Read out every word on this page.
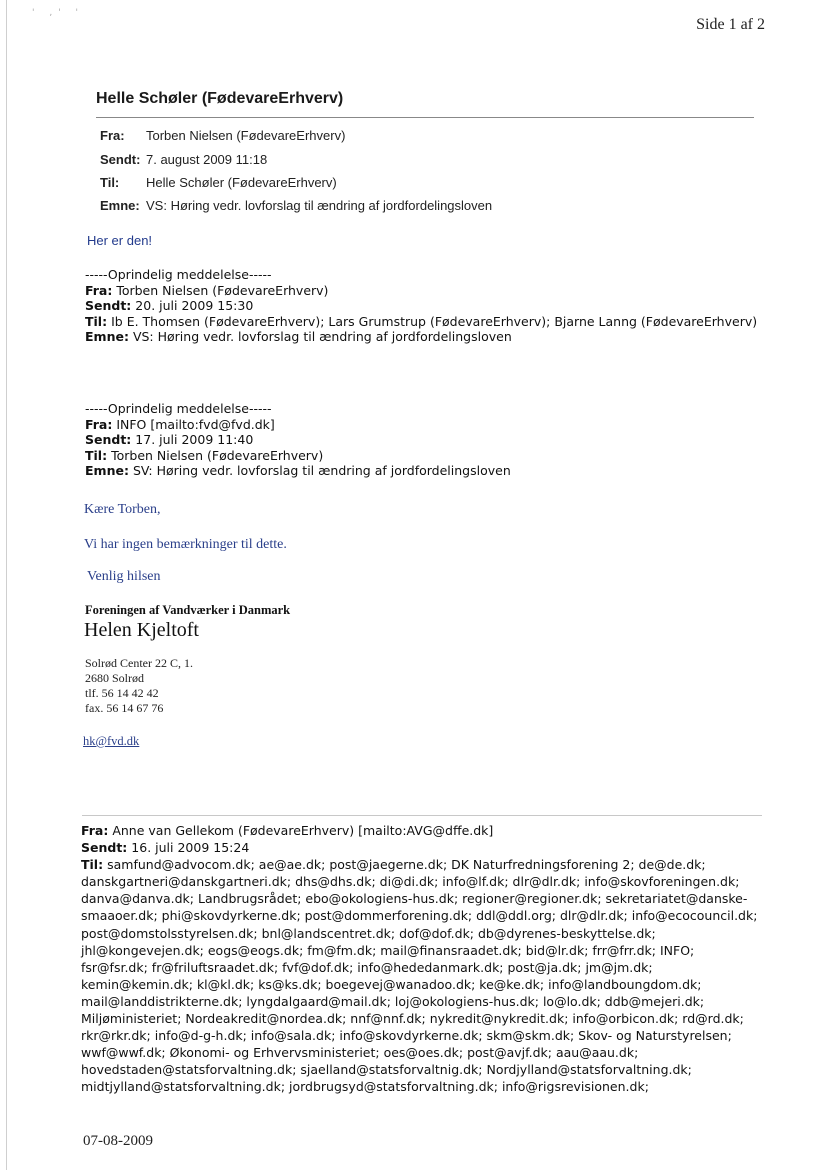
' ,' '
Side 1 af 2
Helle Schøler (FødevareErhverv)
Fra: Torben Nielsen (FødevareErhverv)
Sendt: 7. august 2009 11:18
Til: Helle Schøler (FødevareErhverv)
Emne: VS: Høring vedr. lovforslag til ændring af jordfordelingsloven
Her er den!
-----Oprindelig meddelelse-----
Fra: Torben Nielsen (FødevareErhverv)
Sendt: 20. juli 2009 15:30
Til: Ib E. Thomsen (FødevareErhverv); Lars Grumstrup (FødevareErhverv); Bjarne Lanng (FødevareErhverv)
Emne: VS: Høring vedr. lovforslag til ændring af jordfordelingsloven
-----Oprindelig meddelelse-----
Fra: INFO [mailto:fvd@fvd.dk]
Sendt: 17. juli 2009 11:40
Til: Torben Nielsen (FødevareErhverv)
Emne: SV: Høring vedr. lovforslag til ændring af jordfordelingsloven
Kære Torben,
Vi har ingen bemærkninger til dette.
Venlig hilsen
Foreningen af Vandværker i Danmark
Helen Kjeltoft
Solrød Center 22 C, 1.
2680 Solrød
tlf. 56 14 42 42
fax. 56 14 67 76
hk@fvd.dk
Fra: Anne van Gellekom (FødevareErhverv) [mailto:AVG@dffe.dk]
Sendt: 16. juli 2009 15:24
Til: samfund@advocom.dk; ae@ae.dk; post@jaegerne.dk; DK Naturfredningsforening 2; de@de.dk;
danskgartneri@danskgartneri.dk; dhs@dhs.dk; di@di.dk; info@lf.dk; dlr@dlr.dk; info@skovforeningen.dk;
danva@danva.dk; Landbrugsrådet; ebo@okologiens-hus.dk; regioner@regioner.dk; sekretariatet@danske-
smaaoer.dk; phi@skovdyrkerne.dk; post@dommerforening.dk; ddl@ddl.org; dlr@dlr.dk; info@ecocouncil.dk;
post@domstolsstyrelsen.dk; bnl@landscentret.dk; dof@dof.dk; db@dyrenes-beskyttelse.dk;
jhl@kongevejen.dk; eogs@eogs.dk; fm@fm.dk; mail@finansraadet.dk; bid@lr.dk; frr@frr.dk; INFO;
fsr@fsr.dk; fr@friluftsraadet.dk; fvf@dof.dk; info@hededanmark.dk; post@ja.dk; jm@jm.dk;
kemin@kemin.dk; kl@kl.dk; ks@ks.dk; boegevej@wanadoo.dk; ke@ke.dk; info@landboungdom.dk;
mail@landdistrikterne.dk; lyngdalgaard@mail.dk; loj@okologiens-hus.dk; lo@lo.dk; ddb@mejeri.dk;
Miljøministeriet; Nordeakredit@nordea.dk; nnf@nnf.dk; nykredit@nykredit.dk; info@orbicon.dk; rd@rd.dk;
rkr@rkr.dk; info@d-g-h.dk; info@sala.dk; info@skovdyrkerne.dk; skm@skm.dk; Skov- og Naturstyrelsen;
wwf@wwf.dk; Økonomi- og Erhvervsministeriet; oes@oes.dk; post@avjf.dk; aau@aau.dk;
hovedstaden@statsforvaltning.dk; sjaelland@statsforvaltnig.dk; Nordjylland@statsforvaltning.dk;
midtjylland@statsforvaltning.dk; jordbrugsyd@statsforvaltning.dk; info@rigsrevisionen.dk;
07-08-2009
